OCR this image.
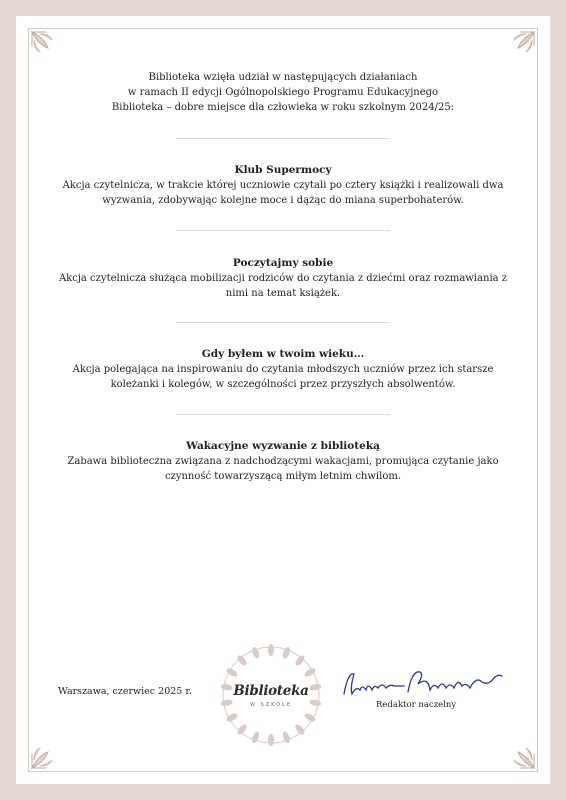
Biblioteka wzięła udział w następujących działaniach
w ramach II edycji Ogólnopolskiego Programu Edukacyjnego
Biblioteka – dobre miejsce dla człowieka w roku szkolnym 2024/25:
Klub Supermocy
Akcja czytelnicza, w trakcie której uczniowie czytali po cztery książki i realizowali dwa
wyzwania, zdobywając kolejne moce i dążąc do miana superbohaterów.
Poczytajmy sobie
Akcja czytelnicza służąca mobilizacji rodziców do czytania z dziećmi oraz rozmawiania z
nimi na temat książek.
Gdy byłem w twoim wieku…
Akcja polegająca na inspirowaniu do czytania młodszych uczniów przez ich starsze
koleżanki i kolegów, w szczególności przez przyszłych absolwentów.
Wakacyjne wyzwanie z biblioteką
Zabawa biblioteczna związana z nadchodzącymi wakacjami, promująca czytanie jako
czynność towarzyszącą miłym letnim chwilom.
Warszawa, czerwiec 2025 r.	Biblioteka
W SZKOLE	Redaktor naczelny
